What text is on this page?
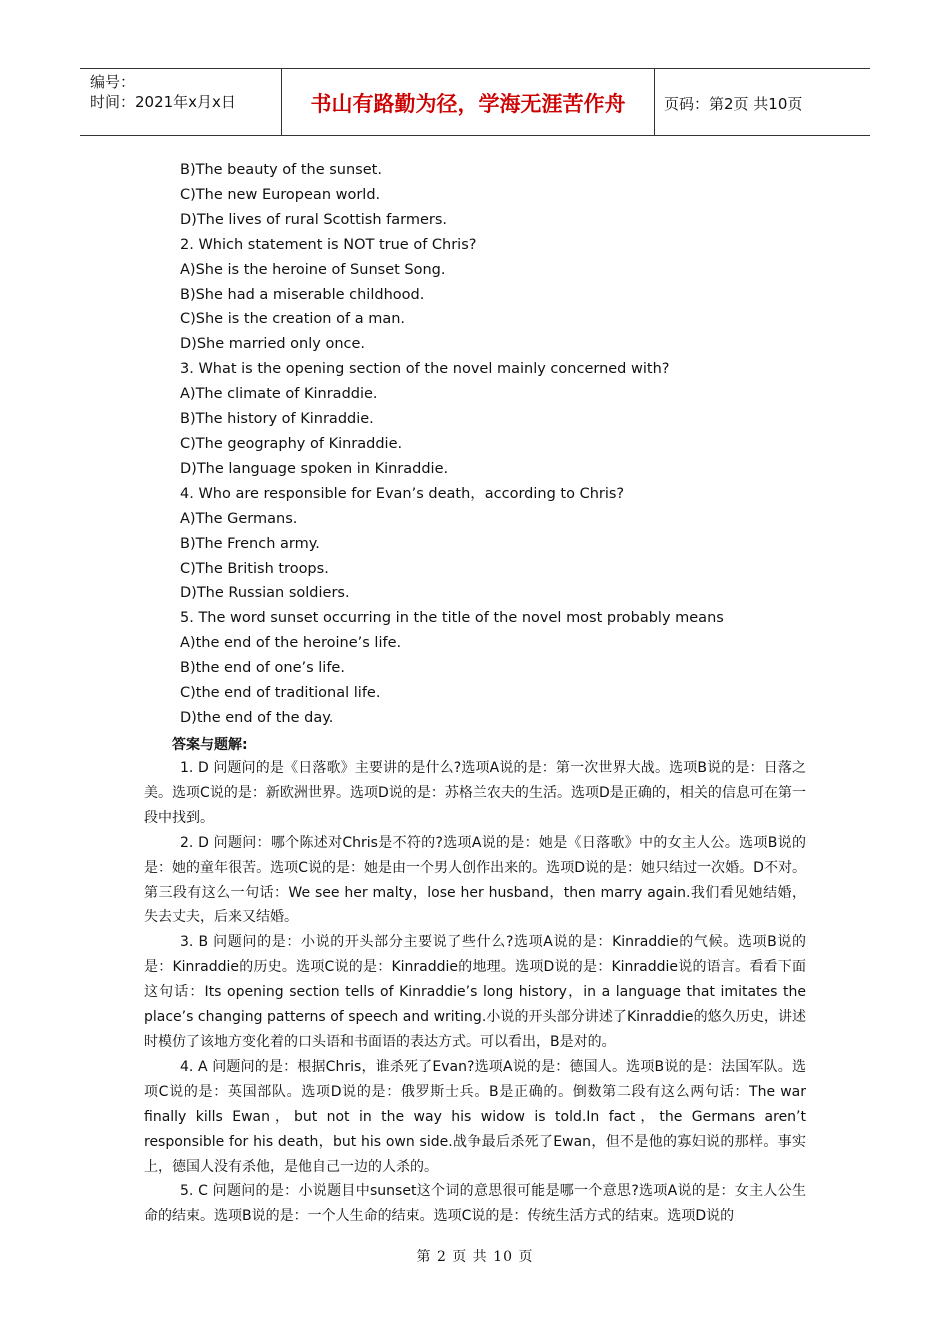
编号：
时间：2021年x月x日	书山有路勤为径，学海无涯苦作舟	页码：第2页 共10页
B)The beauty of the sunset.
C)The new European world.
D)The lives of rural Scottish farmers.
2. Which statement is NOT true of Chris?
A)She is the heroine of Sunset Song.
B)She had a miserable childhood.
C)She is the creation of a man.
D)She married only once.
3. What is the opening section of the novel mainly concerned with?
A)The climate of Kinraddie.
B)The history of Kinraddie.
C)The geography of Kinraddie.
D)The language spoken in Kinraddie.
4. Who are responsible for Evan’s death，according to Chris?
A)The Germans.
B)The French army.
C)The British troops.
D)The Russian soldiers.
5. The word sunset occurring in the title of the novel most probably means
A)the end of the heroine’s life.
B)the end of one’s life.
C)the end of traditional life.
D)the end of the day.
答案与题解:

1. D 问题问的是《日落歌》主要讲的是什么?选项A说的是：第一次世界大战。选项B说的是：日落之美。选项C说的是：新欧洲世界。选项D说的是：苏格兰农夫的生活。选项D是正确的，相关的信息可在第一段中找到。

2. D 问题问：哪个陈述对Chris是不符的?选项A说的是：她是《日落歌》中的女主人公。选项B说的是：她的童年很苦。选项C说的是：她是由一个男人创作出来的。选项D说的是：她只结过一次婚。D不对。第三段有这么一句话：We see her malty，lose her husband，then marry again.我们看见她结婚，失去丈夫，后来又结婚。

3. B 问题问的是：小说的开头部分主要说了些什么?选项A说的是：Kinraddie的气候。选项B说的是：Kinraddie的历史。选项C说的是：Kinraddie的地理。选项D说的是：Kinraddie说的语言。看看下面这句话：Its opening section tells of Kinraddie’s long history，in a language that imitates the place’s changing patterns of speech and writing.小说的开头部分讲述了Kinraddie的悠久历史，讲述时模仿了该地方变化着的口头语和书面语的表达方式。可以看出，B是对的。

4. A 问题问的是：根据Chris，谁杀死了Evan?选项A说的是：德国人。选项B说的是：法国军队。选项C说的是：英国部队。选项D说的是：俄罗斯士兵。B是正确的。倒数第二段有这么两句话：The war finally kills Ewan，but not in the way his widow is told.In fact，the Germans aren’t responsible for his death，but his own side.战争最后杀死了Ewan，但不是他的寡妇说的那样。事实上，德国人没有杀他，是他自己一边的人杀的。

5. C 问题问的是：小说题目中sunset这个词的意思很可能是哪一个意思?选项A说的是：女主人公生命的结束。选项B说的是：一个人生命的结束。选项C说的是：传统生活方式的结束。选项D说的

第 2 页 共 10 页
